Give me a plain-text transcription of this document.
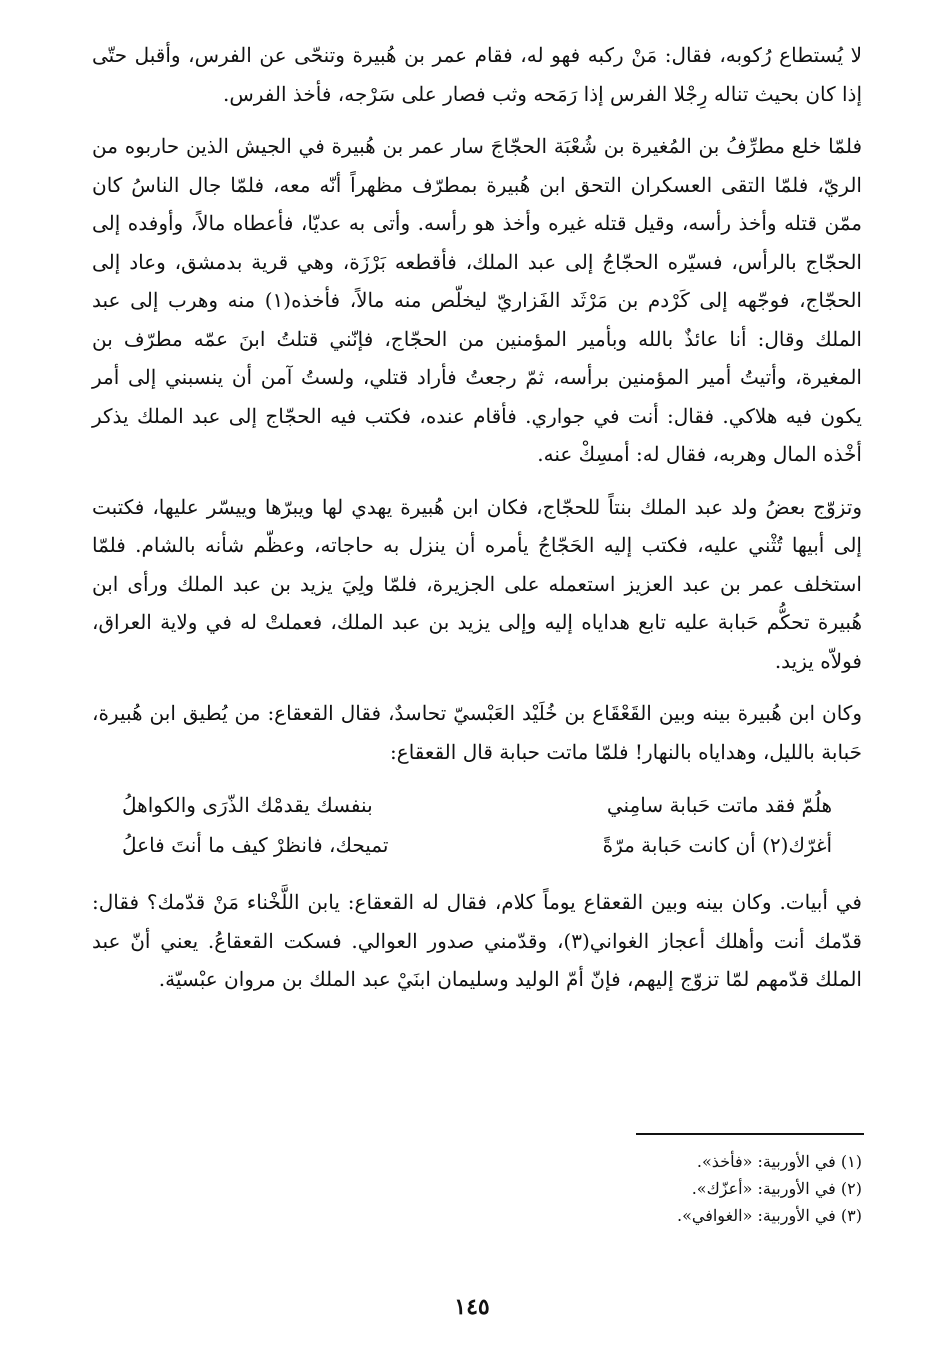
لا يُستطاع رُكوبه، فقال: مَنْ ركبه فهو له، فقام عمر بن هُبيرة وتنحّى عن الفرس، وأقبل حتّى إذا كان بحيث تناله رِجْلا الفرس إذا رَمَحه وثب فصار على سَرْجه، فأخذ الفرس.

فلمّا خلع مطرِّفُ بن المُغيرة بن شُعْبَة الحجّاجَ سار عمر بن هُبيرة في الجيش الذين حاربوه من الريّ، فلمّا التقى العسكران التحق ابن هُبيرة بمطرّف مظهراً أنّه معه، فلمّا جال الناسُ كان ممّن قتله وأخذ رأسه، وقيل قتله غيره وأخذ هو رأسه. وأتى به عديّا، فأعطاه مالاً، وأوفده إلى الحجّاج بالرأس، فسيّره الحجّاجُ إلى عبد الملك، فأقطعه بَرْزَة، وهي قرية بدمشق، وعاد إلى الحجّاج، فوجّهه إلى كَرْدم بن مَرْثَد الفَزاريّ ليخلّص منه مالاً، فأخذه(١) منه وهرب إلى عبد الملك وقال: أنا عائذٌ بالله وبأمير المؤمنين من الحجّاج، فإنّني قتلتُ ابنَ عمّه مطرّف بن المغيرة، وأتيتُ أمير المؤمنين برأسه، ثمّ رجعتُ فأراد قتلي، ولستُ آمن أن ينسبني إلى أمر يكون فيه هلاكي. فقال: أنت في جواري. فأقام عنده، فكتب فيه الحجّاج إلى عبد الملك يذكر أخْذه المال وهربه، فقال له: أمسِكْ عنه.

وتزوّج بعضُ ولد عبد الملك بنتاً للحجّاج، فكان ابن هُبيرة يهدي لها ويبرّها وييسّر عليها، فكتبت إلى أبيها تُثْني عليه، فكتب إليه الحَجّاجُ يأمره أن ينزل به حاجاته، وعظّم شأنه بالشام. فلمّا استخلف عمر بن عبد العزيز استعمله على الجزيرة، فلمّا ولِيَ يزيد بن عبد الملك ورأى ابن هُبيرة تحكُّم حَبابة عليه تابع هداياه إليه وإلى يزيد بن عبد الملك، فعملتْ له في ولاية العراق، فولاّه يزيد.

وكان ابن هُبيرة بينه وبين القَعْقَاع بن خُلَيْد العَبْسيّ تحاسدٌ، فقال القعقاع: من يُطيق ابن هُبيرة، حَبابة بالليل، وهداياه بالنهار! فلمّا ماتت حبابة قال القعقاع:

هلُمّ فقد ماتت حَبابة سامِني
بنفسك يقدمْك الذّرَى والكواهلُ
أغرّك(٢) أن كانت حَبابة مرّةً
تميحك، فانظرْ كيف ما أنتَ فاعلُ

في أبيات. وكان بينه وبين القعقاع يوماً كلام، فقال له القعقاع: يابن اللَّخْناء مَنْ قدّمك؟ فقال: قدّمك أنت وأهلك أعجاز الغواني(٣)، وقدّمني صدور العوالي. فسكت القعقاعُ. يعني أنّ عبد الملك قدّمهم لمّا تزوّج إليهم، فإنّ أمّ الوليد وسليمان ابنَيْ عبد الملك بن مروان عبْسيّة.

(١) في الأوربية: «فأخذ».

(٢) في الأوربية: «أعزّك».

(٣) في الأوربية: «الغوافي».

١٤٥
